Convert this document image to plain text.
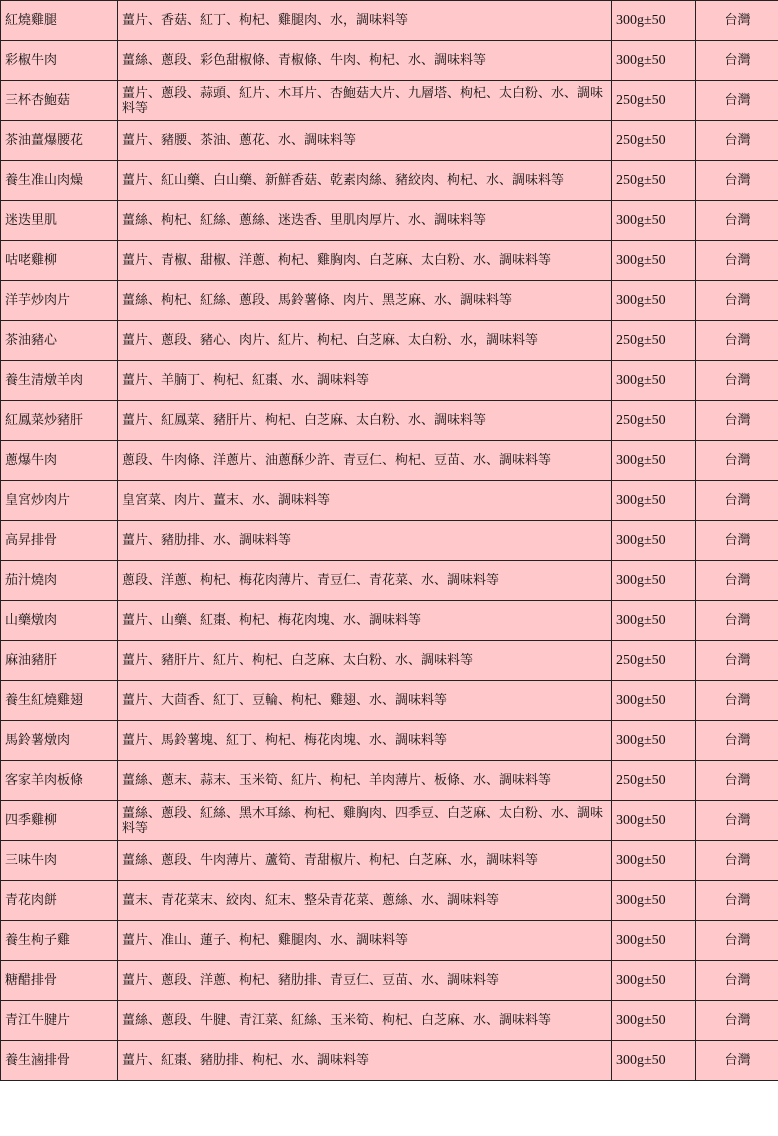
紅燒雞腿	薑片、香菇、紅丁、枸杞、雞腿肉、水，調味料等	300g±50	台灣
彩椒牛肉	薑絲、蔥段、彩色甜椒條、青椒條、牛肉、枸杞、水、調味料等	300g±50	台灣
三杯杏鮑菇	薑片、蔥段、蒜頭、紅片、木耳片、杏鮑菇大片、九層塔、枸杞、太白粉、水、調味料等	250g±50	台灣
茶油薑爆腰花	薑片、豬腰、茶油、蔥花、水、調味料等	250g±50	台灣
養生准山肉燥	薑片、紅山藥、白山藥、新鮮香菇、乾素肉絲、豬絞肉、枸杞、水、調味料等	250g±50	台灣
迷迭里肌	薑絲、枸杞、紅絲、蔥絲、迷迭香、里肌肉厚片、水、調味料等	300g±50	台灣
咕咾雞柳	薑片、青椒、甜椒、洋蔥、枸杞、雞胸肉、白芝麻、太白粉、水、調味料等	300g±50	台灣
洋芋炒肉片	薑絲、枸杞、紅絲、蔥段、馬鈴薯條、肉片、黑芝麻、水、調味料等	300g±50	台灣
茶油豬心	薑片、蔥段、豬心、肉片、紅片、枸杞、白芝麻、太白粉、水，調味料等	250g±50	台灣
養生清燉羊肉	薑片、羊腩丁、枸杞、紅棗、水、調味料等	300g±50	台灣
紅鳳菜炒豬肝	薑片、紅鳳菜、豬肝片、枸杞、白芝麻、太白粉、水、調味料等	250g±50	台灣
蔥爆牛肉	蔥段、牛肉條、洋蔥片、油蔥酥少許、青豆仁、枸杞、豆苗、水、調味料等	300g±50	台灣
皇宮炒肉片	皇宮菜、肉片、薑末、水、調味料等	300g±50	台灣
高昇排骨	薑片、豬肋排、水、調味料等	300g±50	台灣
茄汁燒肉	蔥段、洋蔥、枸杞、梅花肉薄片、青豆仁、青花菜、水、調味料等	300g±50	台灣
山藥燉肉	薑片、山藥、紅棗、枸杞、梅花肉塊、水、調味料等	300g±50	台灣
麻油豬肝	薑片、豬肝片、紅片、枸杞、白芝麻、太白粉、水、調味料等	250g±50	台灣
養生紅燒雞翅	薑片、大茴香、紅丁、豆輪、枸杞、雞翅、水、調味料等	300g±50	台灣
馬鈴薯燉肉	薑片、馬鈴薯塊、紅丁、枸杞、梅花肉塊、水、調味料等	300g±50	台灣
客家羊肉板條	薑絲、蔥末、蒜末、玉米筍、紅片、枸杞、羊肉薄片、板條、水、調味料等	250g±50	台灣
四季雞柳	薑絲、蔥段、紅絲、黑木耳絲、枸杞、雞胸肉、四季豆、白芝麻、太白粉、水、調味料等	300g±50	台灣
三味牛肉	薑絲、蔥段、牛肉薄片、蘆筍、青甜椒片、枸杞、白芝麻、水，調味料等	300g±50	台灣
青花肉餅	薑末、青花菜末、絞肉、紅末、整朵青花菜、蔥絲、水、調味料等	300g±50	台灣
養生枸子雞	薑片、准山、蓮子、枸杞、雞腿肉、水、調味料等	300g±50	台灣
糖醋排骨	薑片、蔥段、洋蔥、枸杞、豬肋排、青豆仁、豆苗、水、調味料等	300g±50	台灣
青江牛腱片	薑絲、蔥段、牛腱、青江菜、紅絲、玉米筍、枸杞、白芝麻、水、調味料等	300g±50	台灣
養生滷排骨	薑片、紅棗、豬肋排、枸杞、水、調味料等	300g±50	台灣
